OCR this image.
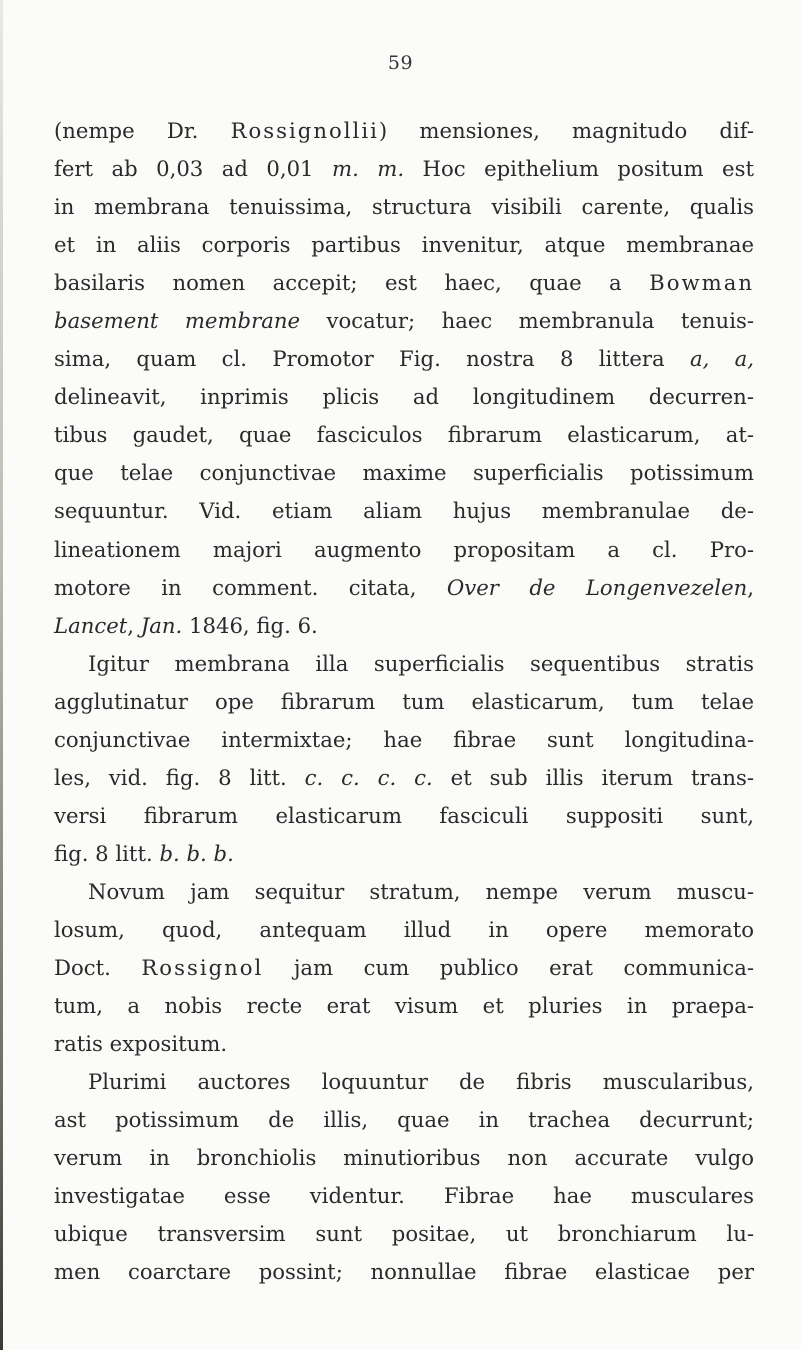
59
(nempe Dr. Rossignollii) mensiones, magnitudo dif-
fert ab 0,03 ad 0,01 m. m. Hoc epithelium positum est
in membrana tenuissima, structura visibili carente, qualis
et in aliis corporis partibus invenitur, atque membranae
basilaris nomen accepit; est haec, quae a Bowman
basement membrane vocatur; haec membranula tenuis-
sima, quam cl. Promotor Fig. nostra 8 littera a, a,
delineavit, inprimis plicis ad longitudinem decurren-
tibus gaudet, quae fasciculos fibrarum elasticarum, at-
que telae conjunctivae maxime superficialis potissimum
sequuntur. Vid. etiam aliam hujus membranulae de-
lineationem majori augmento propositam a cl. Pro-
motore in comment. citata, Over de Longenvezelen,
Lancet, Jan. 1846, fig. 6.
Igitur membrana illa superficialis sequentibus stratis
agglutinatur ope fibrarum tum elasticarum, tum telae
conjunctivae intermixtae; hae fibrae sunt longitudina-
les, vid. fig. 8 litt. c. c. c. c. et sub illis iterum trans-
versi fibrarum elasticarum fasciculi suppositi sunt,
fig. 8 litt. b. b. b.
Novum jam sequitur stratum, nempe verum muscu-
losum, quod, antequam illud in opere memorato
Doct. Rossignol jam cum publico erat communica-
tum, a nobis recte erat visum et pluries in praepa-
ratis expositum.
Plurimi auctores loquuntur de fibris muscularibus,
ast potissimum de illis, quae in trachea decurrunt;
verum in bronchiolis minutioribus non accurate vulgo
investigatae esse videntur. Fibrae hae musculares
ubique transversim sunt positae, ut bronchiarum lu-
men coarctare possint; nonnullae fibrae elasticae per
